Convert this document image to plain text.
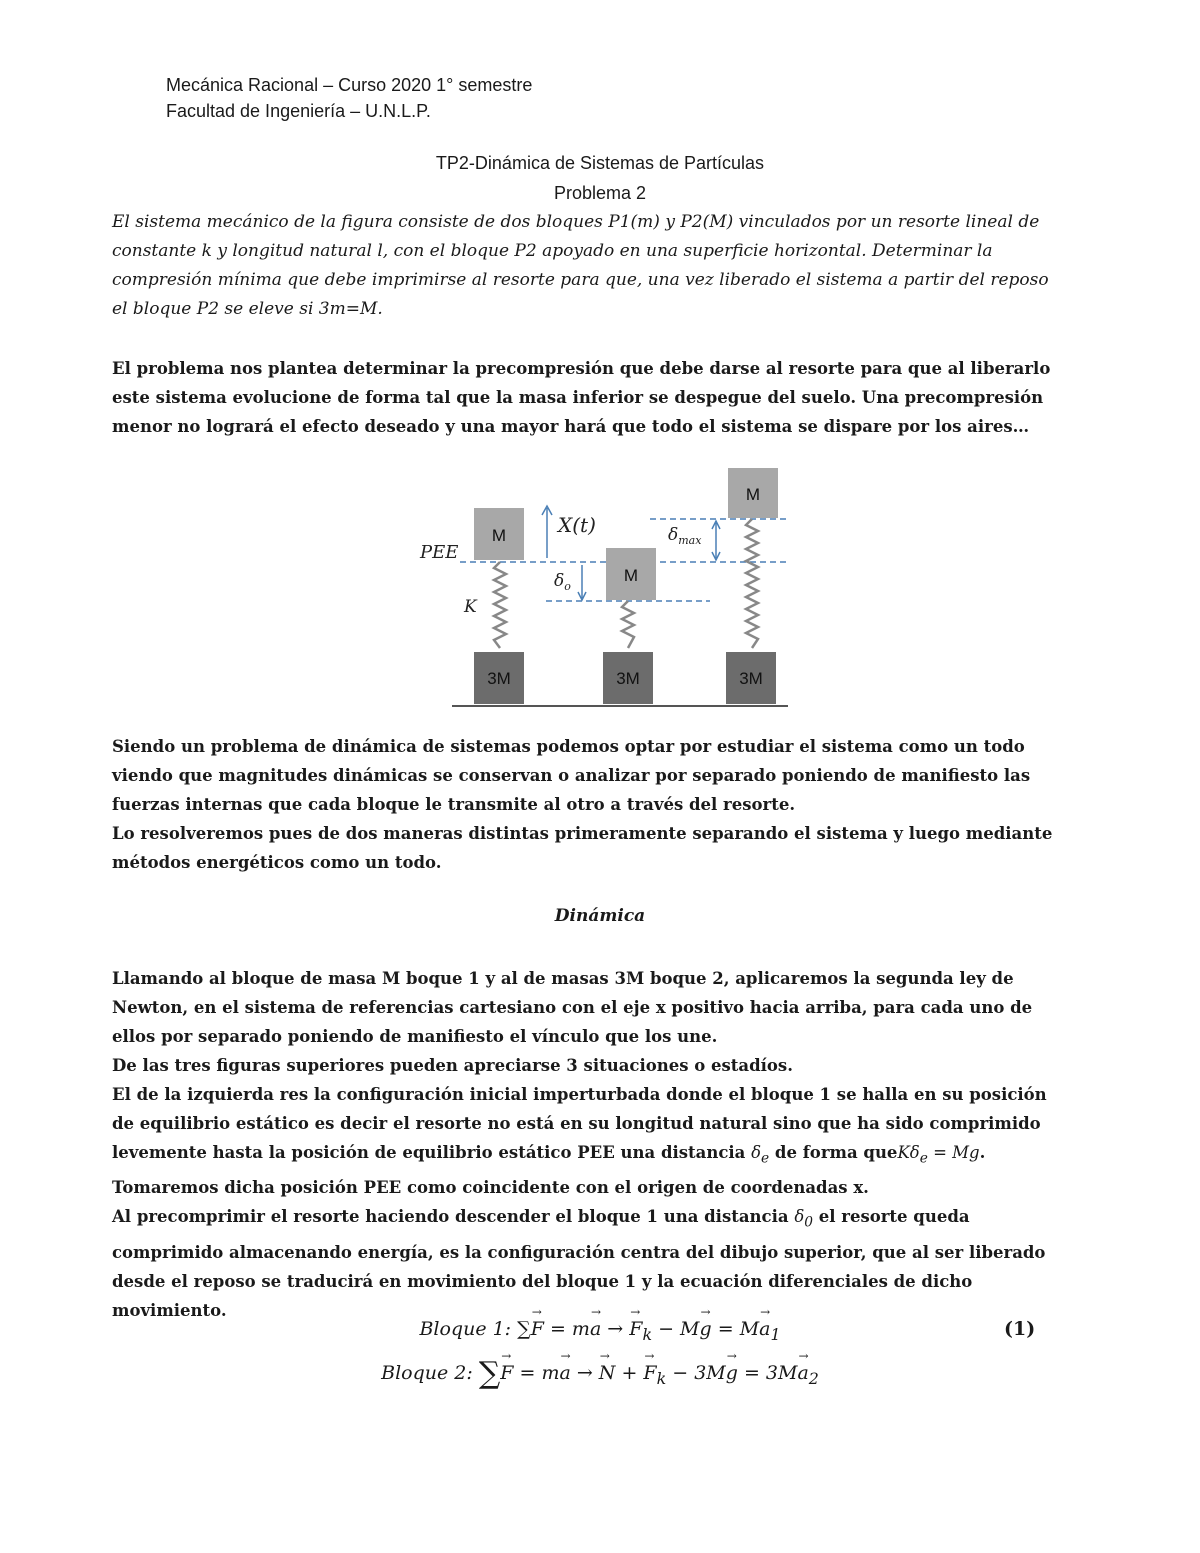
Mecánica Racional – Curso 2020 1° semestre
Facultad de Ingeniería – U.N.L.P.
TP2-Dinámica de Sistemas de Partículas
Problema 2
El sistema mecánico de la figura consiste de dos bloques P1(m) y P2(M) vinculados por un resorte lineal de constante k y longitud natural l, con el bloque P2 apoyado en una superficie horizontal. Determinar la compresión mínima que debe imprimirse al resorte para que, una vez liberado el sistema a partir del reposo el bloque P2 se eleve si 3m=M.

El problema nos plantea determinar la precompresión que debe darse al resorte para que al liberarlo este sistema evolucione de forma tal que la masa inferior se despegue del suelo. Una precompresión menor no logrará el efecto deseado y una mayor hará que todo el sistema se dispare por los aires…

M
M
M
3M	3M	3M
X(t)
$\delta_o$
$\delta_{max}$
PEE
K

Siendo un problema de dinámica de sistemas podemos optar por estudiar el sistema como un todo viendo que magnitudes dinámicas se conservan o analizar por separado poniendo de manifiesto las fuerzas internas que cada bloque le transmite al otro a través del resorte.

Lo resolveremos pues de dos maneras distintas primeramente separando el sistema y luego mediante métodos energéticos como un todo.

Dinámica

Llamando al bloque de masa M boque 1 y al de masas 3M boque 2, aplicaremos la segunda ley de Newton, en el sistema de referencias cartesiano con el eje x positivo hacia arriba, para cada uno de ellos por separado poniendo de manifiesto el vínculo que los une.

De las tres figuras superiores pueden apreciarse 3 situaciones o estadíos.

El de la izquierda res la configuración inicial imperturbada donde el bloque 1 se halla en su posición de equilibrio estático es decir el resorte no está en su longitud natural sino que ha sido comprimido levemente hasta la posición de equilibrio estático PEE una distancia $\delta_e$ de forma queKδ$_e$ = Mg.

Tomaremos dicha posición PEE como coincidente con el origen de coordenadas x.

Al precomprimir el resorte haciendo descender el bloque 1 una distancia $\delta_0$ el resorte queda comprimido almacenando energía, es la configuración centra del dibujo superior, que al ser liberado desde el reposo se traducirá en movimiento del bloque 1 y la ecuación diferenciales de dicho movimiento.

Bloque 1: ∑→ F = m→ a → → $F_k - M\to g = M\to a_1$	(1)
Bloque 2: ∑→ F = m→ a → → N + → $F_k - 3M\to g = 3M\to a_2$
